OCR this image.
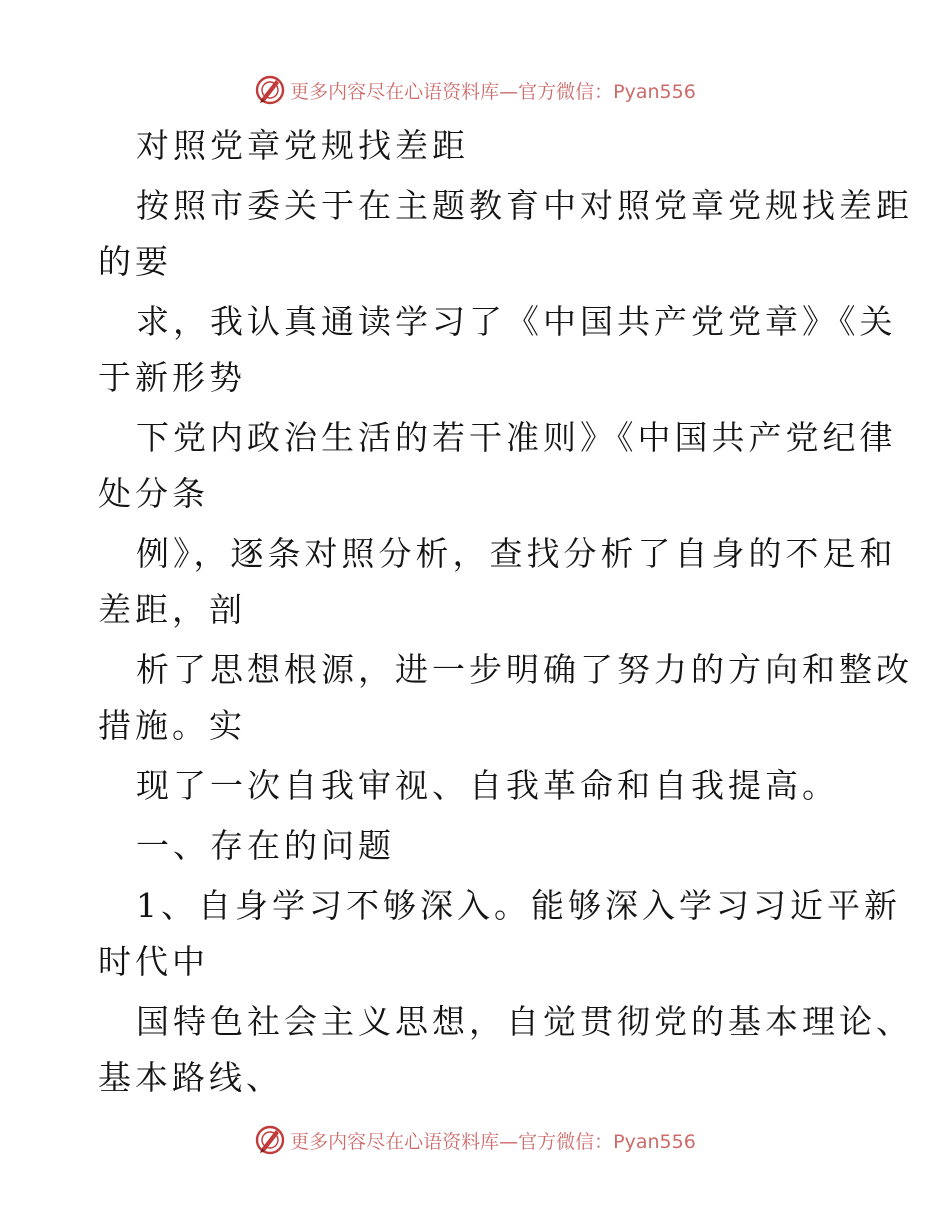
更多内容尽在心语资料库—官方微信：Pyan556
对照党章党规找差距
按照市委关于在主题教育中对照党章党规找差距
的要
求，我认真通读学习了《中国共产党党章》《关
于新形势
下党内政治生活的若干准则》《中国共产党纪律
处分条
例》，逐条对照分析，查找分析了自身的不足和
差距，剖
析了思想根源，进一步明确了努力的方向和整改
措施。实
现了一次自我审视、自我革命和自我提高。
一、存在的问题
1、自身学习不够深入。能够深入学习习近平新
时代中
国特色社会主义思想，自觉贯彻党的基本理论、
基本路线、
更多内容尽在心语资料库—官方微信：Pyan556
